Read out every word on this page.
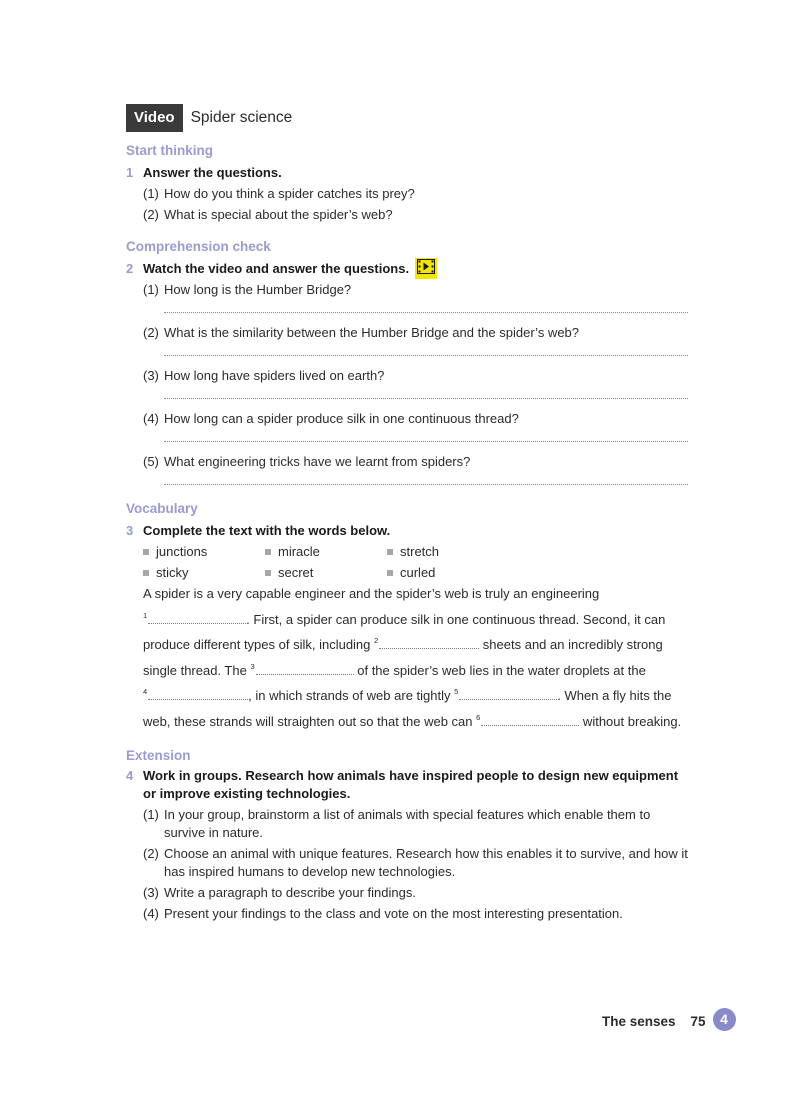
Video	Spider science
Start thinking
1 Answer the questions.
(1) How do you think a spider catches its prey?
(2) What is special about the spider’s web?
Comprehension check
2 Watch the video and answer the questions.
(1) How long is the Humber Bridge?
(2) What is the similarity between the Humber Bridge and the spider’s web?
(3) How long have spiders lived on earth?
(4) How long can a spider produce silk in one continuous thread?
(5) What engineering tricks have we learnt from spiders?
Vocabulary
3 Complete the text with the words below.
junctions	miracle	stretch
sticky	secret	curled
A spider is a very capable engineer and the spider’s web is truly an engineering
$^1$	. First, a spider can produce silk in one continuous thread. Second, it can
produce different types of silk, including $^2$	sheets and an incredibly strong
single thread. The $^3$	of the spider’s web lies in the water droplets at the
$^4$	, in which strands of web are tightly $^5$	. When a fly hits the
web, these strands will straighten out so that the web can $^6$	without breaking.
Extension
4 Work in groups. Research how animals have inspired people to design new equipment
or improve existing technologies.
(1) In your group, brainstorm a list of animals with special features which enable them to
survive in nature.
(2) Choose an animal with unique features. Research how this enables it to survive, and how it
has inspired humans to develop new technologies.
(3) Write a paragraph to describe your findings.
(4) Present your findings to the class and vote on the most interesting presentation.
The senses 75	4
